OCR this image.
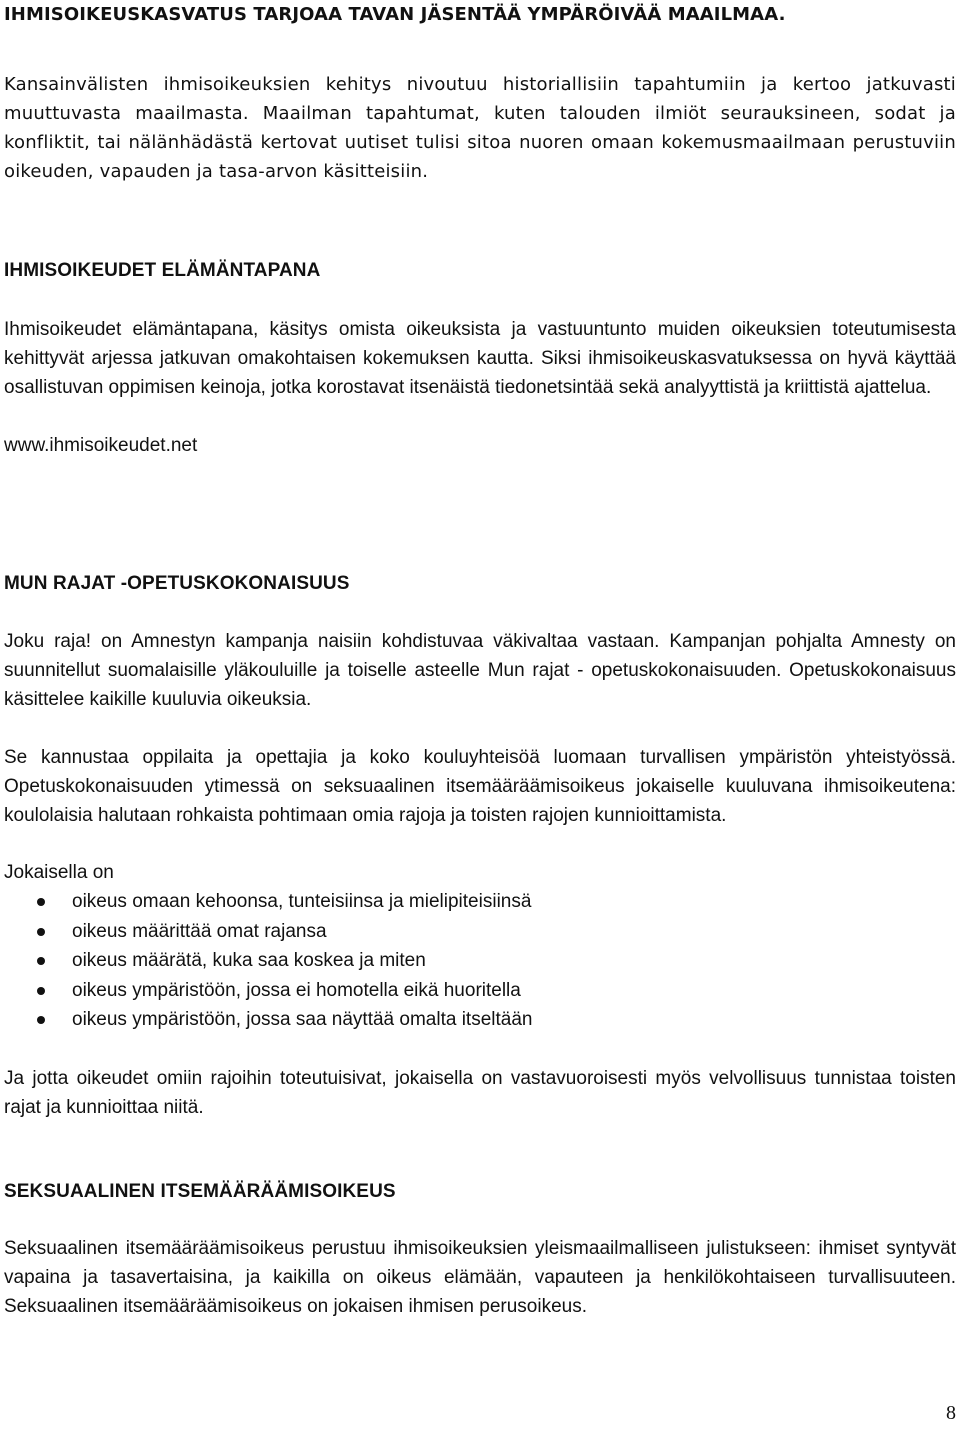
IHMISOIKEUSKASVATUS TARJOAA TAVAN JÄSENTÄÄ YMPÄRÖIVÄÄ MAAILMAA.

Kansainvälisten ihmisoikeuksien kehitys nivoutuu historiallisiin tapahtumiin ja kertoo jatkuvasti muuttuvasta maailmasta. Maailman tapahtumat, kuten talouden ilmiöt seurauksineen, sodat ja konfliktit, tai nälänhädästä kertovat uutiset tulisi sitoa nuoren omaan kokemusmaailmaan perustuviin oikeuden, vapauden ja tasa-arvon käsitteisiin.

IHMISOIKEUDET ELÄMÄNTAPANA

Ihmisoikeudet elämäntapana, käsitys omista oikeuksista ja vastuuntunto muiden oikeuksien toteutumisesta kehittyvät arjessa jatkuvan omakohtaisen kokemuksen kautta. Siksi ihmisoikeuskasvatuksessa on hyvä käyttää osallistuvan oppimisen keinoja, jotka korostavat itsenäistä tiedonetsintää sekä analyyttistä ja kriittistä ajattelua.

www.ihmisoikeudet.net

MUN RAJAT -OPETUSKOKONAISUUS

Joku raja! on Amnestyn kampanja naisiin kohdistuvaa väkivaltaa vastaan. Kampanjan pohjalta Amnesty on suunnitellut suomalaisille yläkouluille ja toiselle asteelle Mun rajat - opetuskokonaisuuden. Opetuskokonaisuus käsittelee kaikille kuuluvia oikeuksia.

Se kannustaa oppilaita ja opettajia ja koko kouluyhteisöä luomaan turvallisen ympäristön yhteistyössä. Opetuskokonaisuuden ytimessä on seksuaalinen itsemääräämisoikeus jokaiselle kuuluvana ihmisoikeutena: koulolaisia halutaan rohkaista pohtimaan omia rajoja ja toisten rajojen kunnioittamista.

Jokaisella on

oikeus omaan kehoonsa, tunteisiinsa ja mielipiteisiinsä
oikeus määrittää omat rajansa
oikeus määrätä, kuka saa koskea ja miten
oikeus ympäristöön, jossa ei homotella eikä huoritella
oikeus ympäristöön, jossa saa näyttää omalta itseltään

Ja jotta oikeudet omiin rajoihin toteutuisivat, jokaisella on vastavuoroisesti myös velvollisuus tunnistaa toisten rajat ja kunnioittaa niitä.

SEKSUAALINEN ITSEMÄÄRÄÄMISOIKEUS

Seksuaalinen itsemääräämisoikeus perustuu ihmisoikeuksien yleismaailmalliseen julistukseen: ihmiset syntyvät vapaina ja tasavertaisina, ja kaikilla on oikeus elämään, vapauteen ja henkilökohtaiseen turvallisuuteen. Seksuaalinen itsemääräämisoikeus on jokaisen ihmisen perusoikeus.

8
